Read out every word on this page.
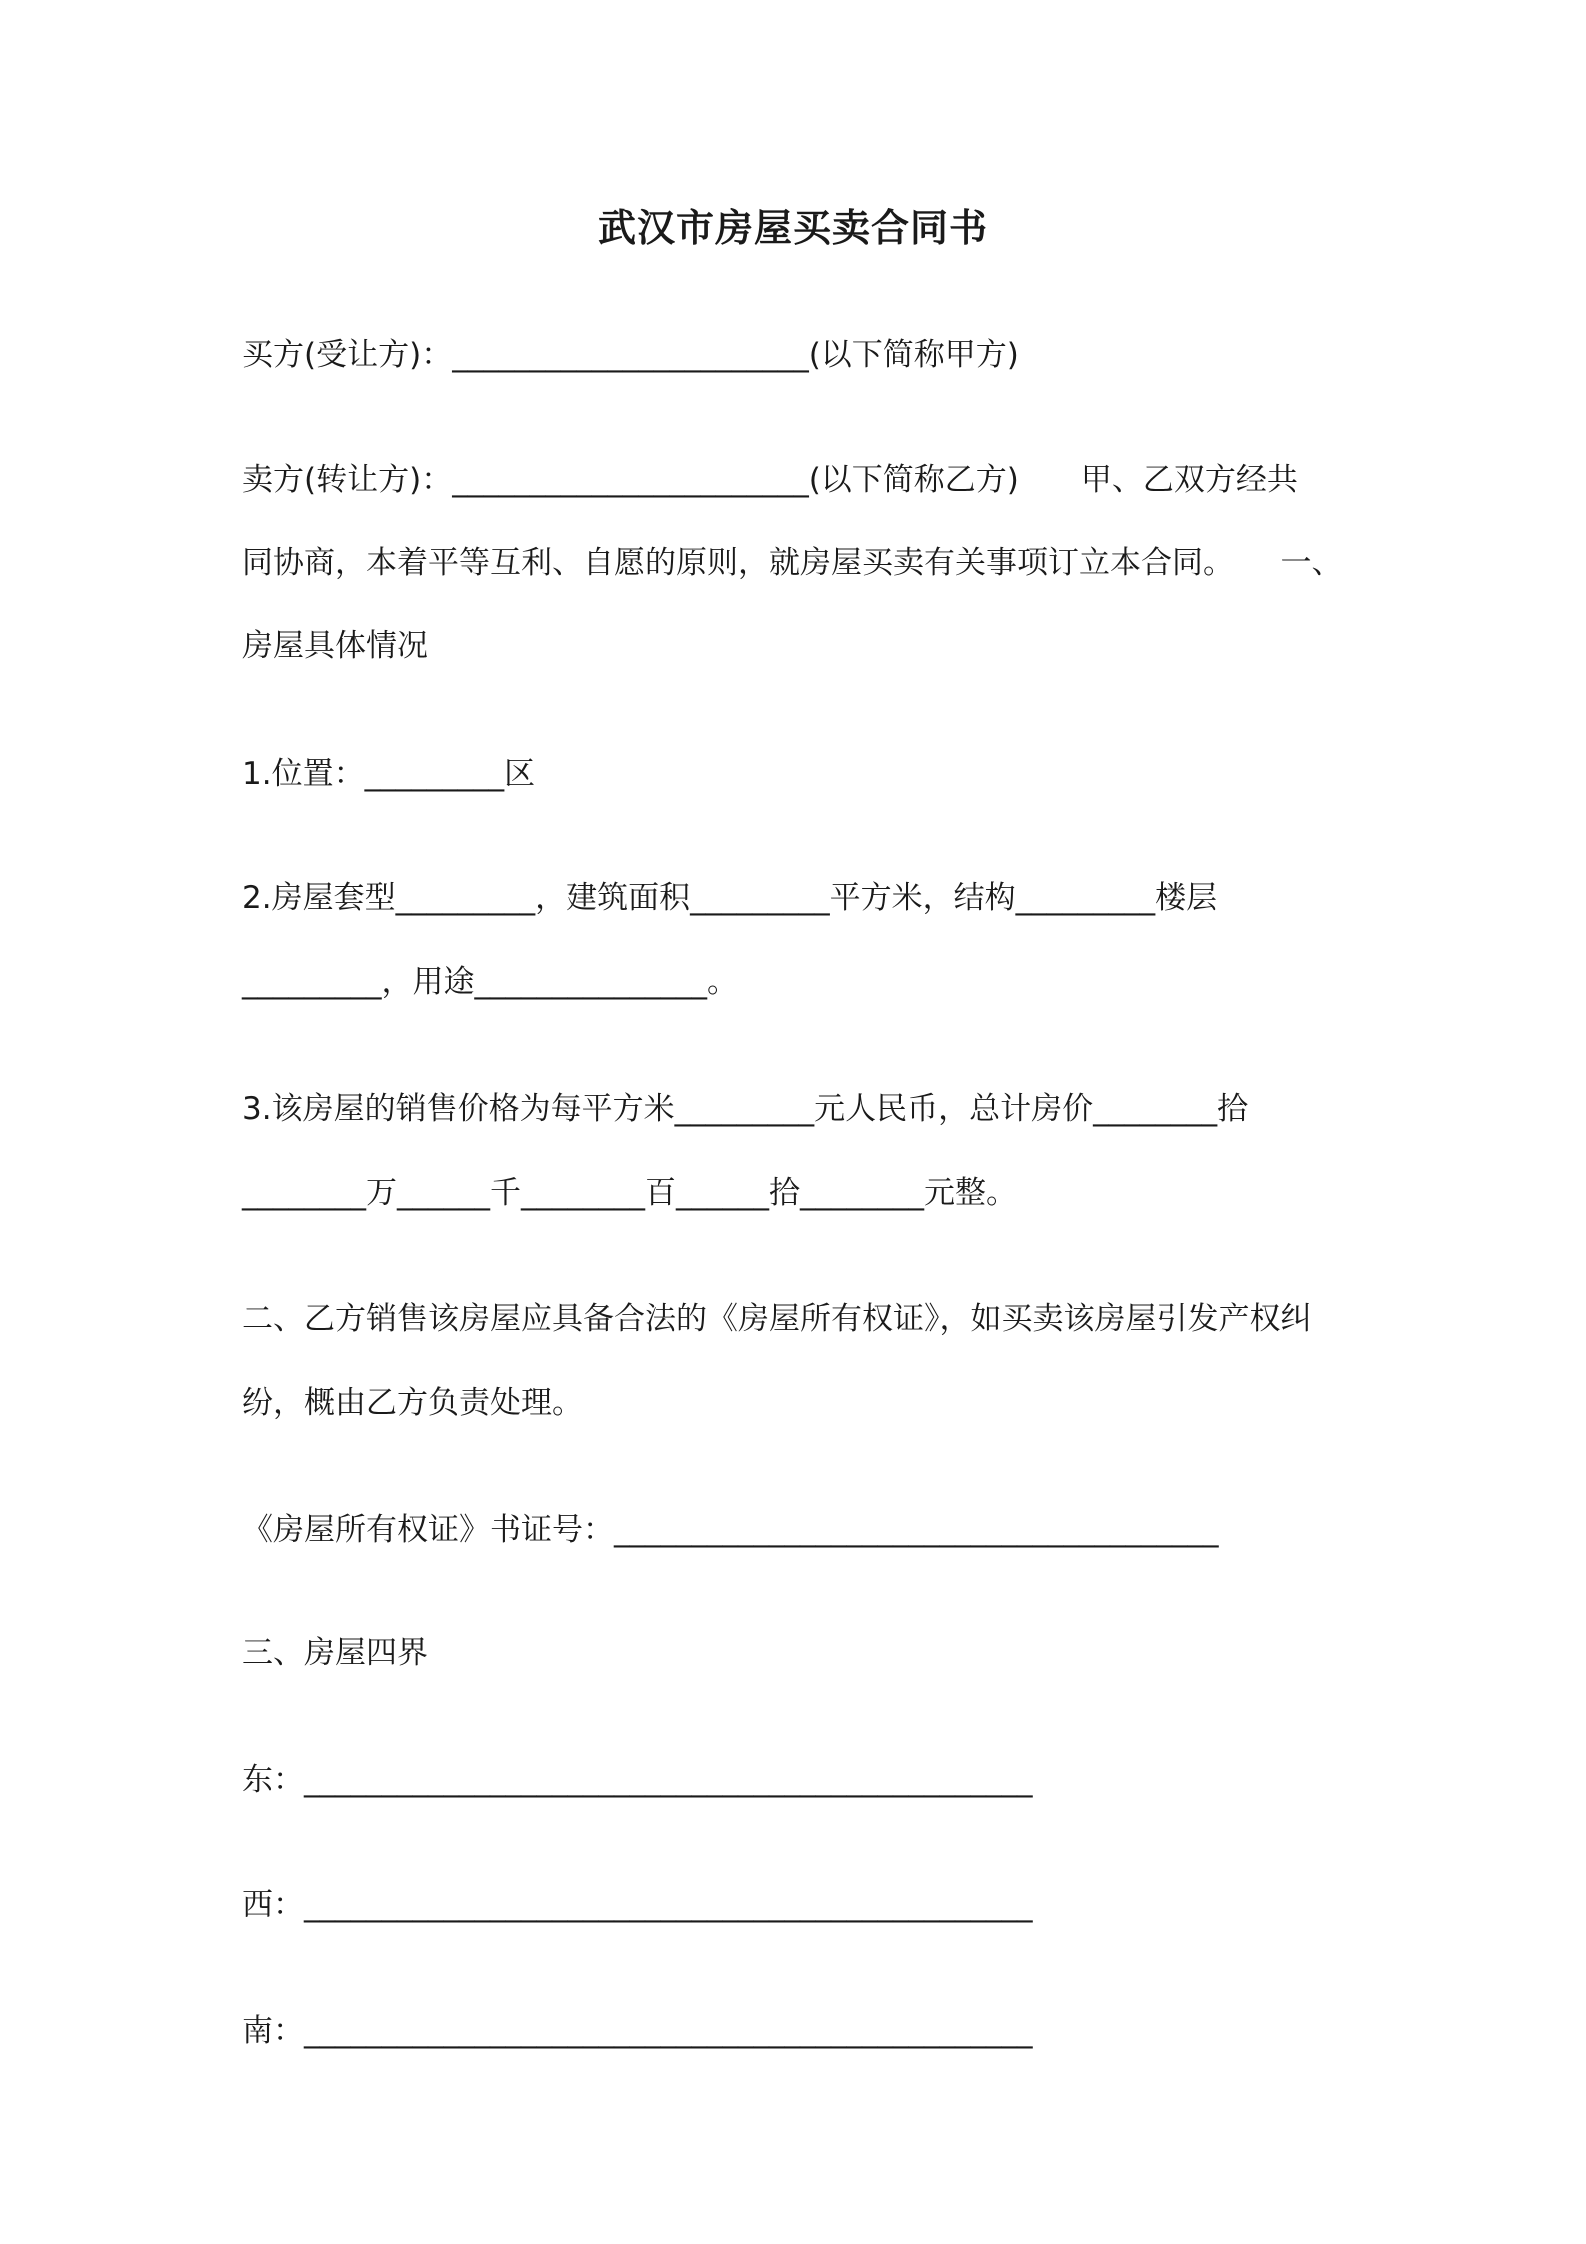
武汉市房屋买卖合同书
买方(受让方)：_______________________(以下简称甲方)
卖方(转让方)：_______________________(以下简称乙方)　　甲、乙双方经共
同协商，本着平等互利、自愿的原则，就房屋买卖有关事项订立本合同。　　一、
房屋具体情况
1.位置：_________区
2.房屋套型_________，建筑面积_________平方米，结构_________楼层
_________，用途_______________。
3.该房屋的销售价格为每平方米_________元人民币，总计房价________拾
________万______千________百______拾________元整。
二、乙方销售该房屋应具备合法的《房屋所有权证》，如买卖该房屋引发产权纠
纷，概由乙方负责处理。
《房屋所有权证》书证号：_______________________________________
三、房屋四界
东：_______________________________________________
西：_______________________________________________
南：_______________________________________________
